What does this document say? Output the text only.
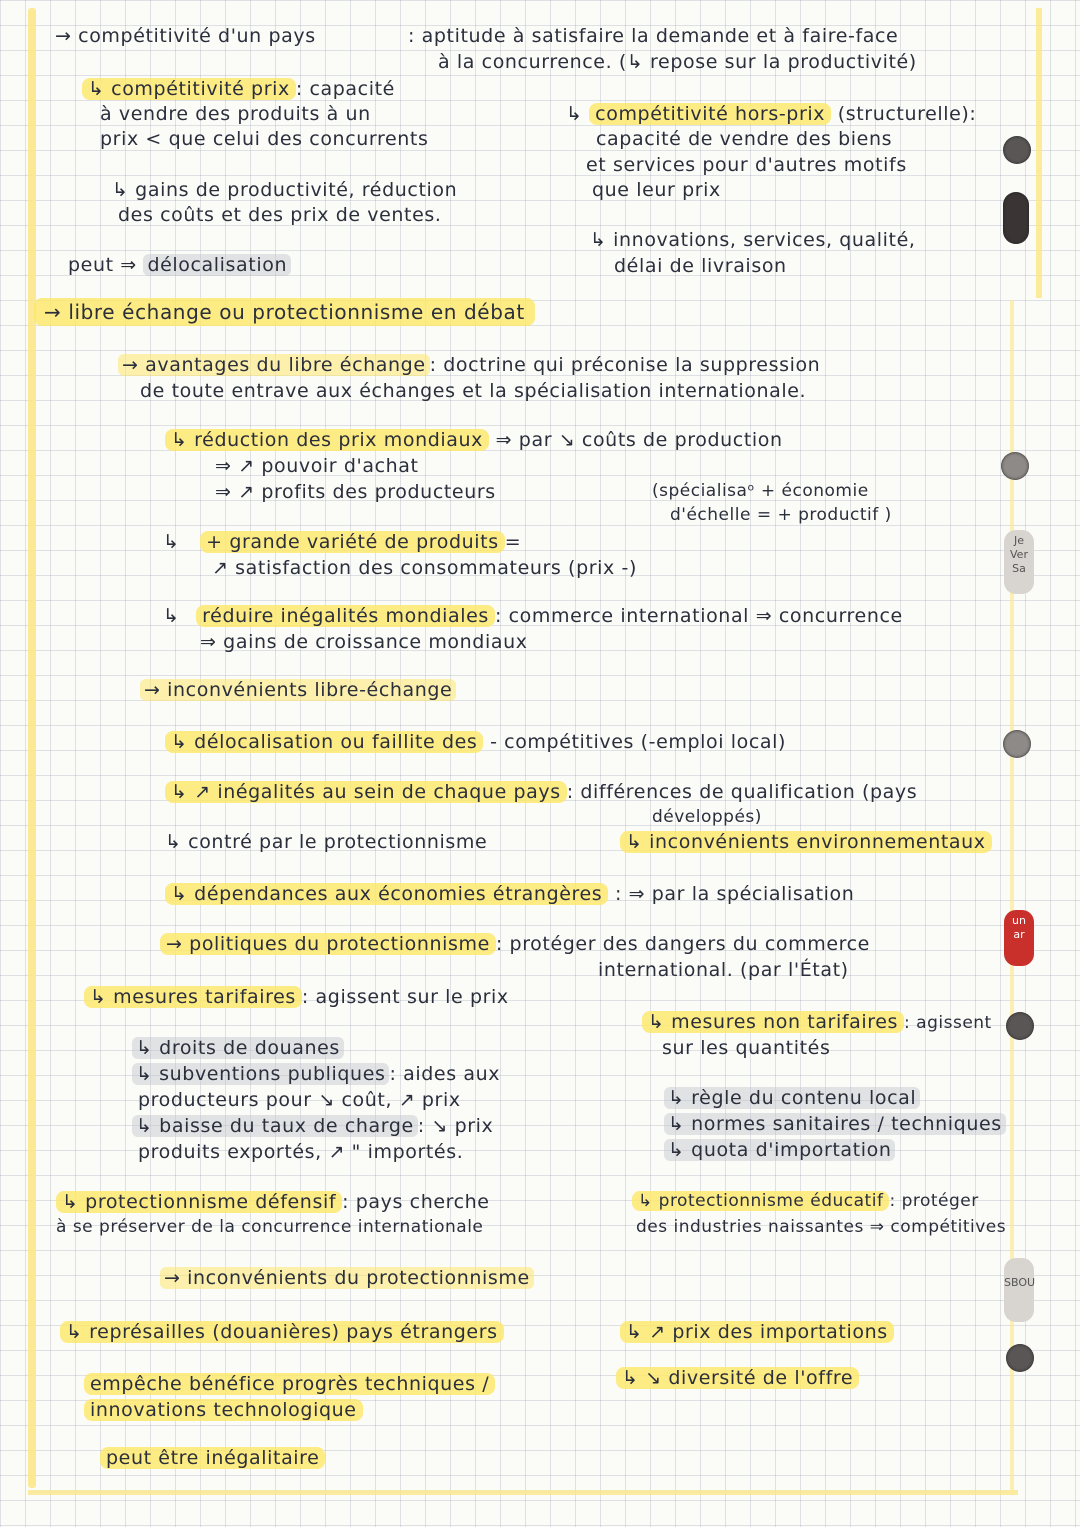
Je
Ver
Sa
un
ar
SBOU
→ compétitivité d'un pays	: aptitude à satisfaire la demande et à faire-face
à la concurrence. (↳ repose sur la productivité)
↳ compétitivité prix : capacité
à vendre des produits à un
prix < que celui des concurrents
↳ gains de productivité, réduction
des coûts et des prix de ventes.
peut ⇒ délocalisation
↳ compétitivité hors-prix (structurelle):
capacité de vendre des biens
et services pour d'autres motifs
que leur prix
↳ innovations, services, qualité,
délai de livraison
→ libre échange ou protectionnisme en débat
→ avantages du libre échange : doctrine qui préconise la suppression
de toute entrave aux échanges et la spécialisation internationale.
↳ réduction des prix mondiaux ⇒ par ↘ coûts de production
⇒ ↗ pouvoir d'achat
⇒ ↗ profits des producteurs	(spécialisaᵒ + économie
d'échelle = + productif )
↳ + grande variété de produits =
↗ satisfaction des consommateurs (prix -)
↳ réduire inégalités mondiales : commerce international ⇒ concurrence
⇒ gains de croissance mondiaux
→ inconvénients libre-échange
↳ délocalisation ou faillite des - compétitives (-emploi local)
↳ ↗ inégalités au sein de chaque pays : différences de qualification (pays
développés)
↳ contré par le protectionnisme	↳ inconvénients environnementaux
↳ dépendances aux économies étrangères : ⇒ par la spécialisation
→ politiques du protectionnisme : protéger des dangers du commerce
international. (par l'État)
↳ mesures tarifaires : agissent sur le prix
↳ droits de douanes
↳ subventions publiques : aides aux
producteurs pour ↘ coût, ↗ prix
↳ baisse du taux de charge : ↘ prix
produits exportés, ↗ " importés.
↳ mesures non tarifaires : agissent
sur les quantités
↳ règle du contenu local
↳ normes sanitaires / techniques
↳ quota d'importation
↳ protectionnisme défensif : pays cherche
à se préserver de la concurrence internationale
↳ protectionnisme éducatif : protéger
des industries naissantes ⇒ compétitives
→ inconvénients du protectionnisme
↳ représailles (douanières) pays étrangers	↳ ↗ prix des importations
empêche bénéfice progrès techniques /
innovations technologique
↳ ↘ diversité de l'offre
peut être inégalitaire
